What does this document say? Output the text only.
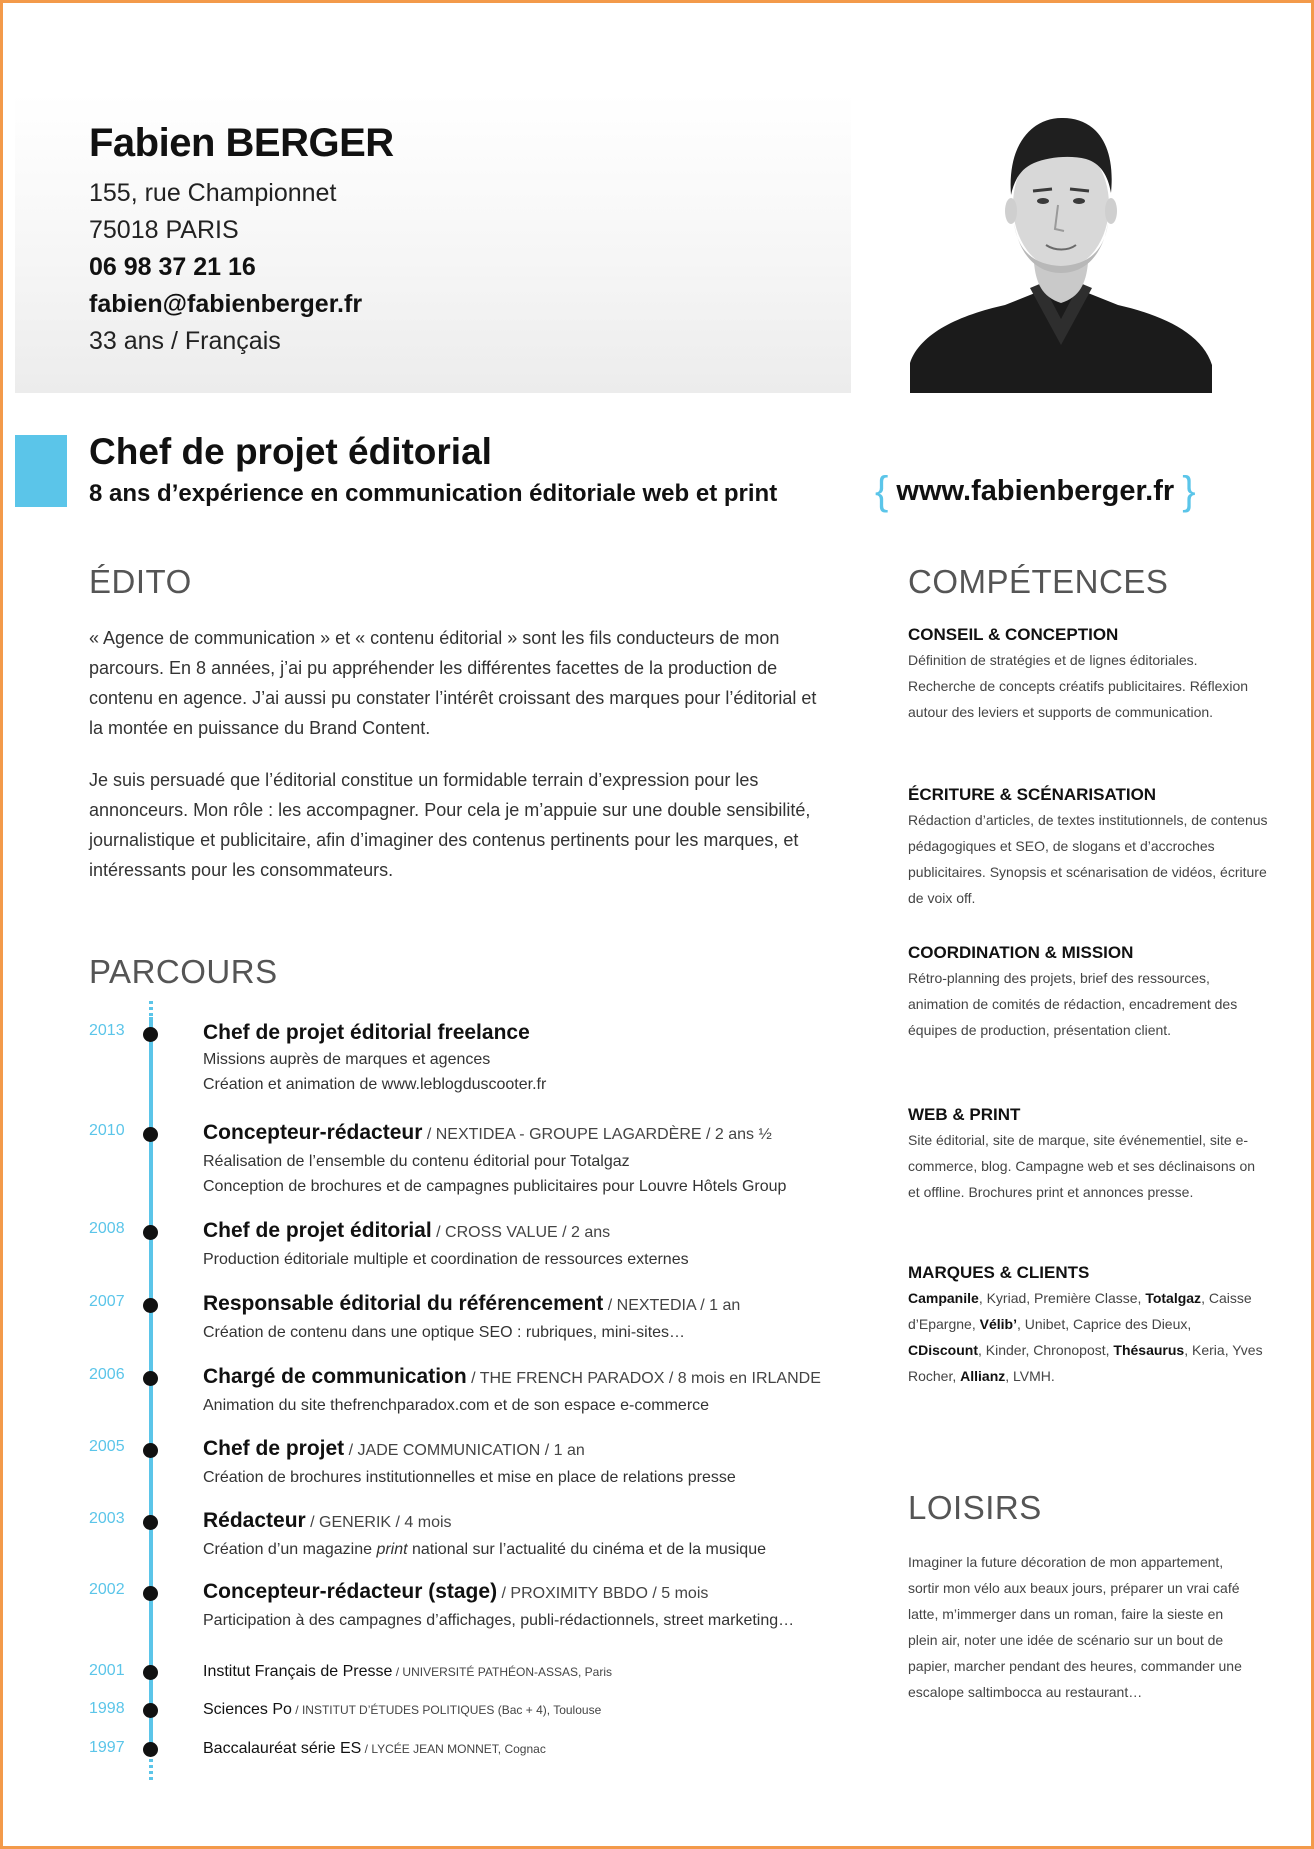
Fabien BERGER
155, rue Championnet
75018 PARIS
06 98 37 21 16
fabien@fabienberger.fr
33 ans / Français
Chef de projet éditorial
8 ans d’expérience en communication éditoriale web et print { www.fabienberger.fr }
ÉDITO

« Agence de communication » et « contenu éditorial » sont les fils conducteurs de mon parcours. En 8 années, j’ai pu appréhender les différentes facettes de la production de contenu en agence. J’ai aussi pu constater l’intérêt croissant des marques pour l’éditorial et la montée en puissance du Brand Content.

Je suis persuadé que l’éditorial constitue un formidable terrain d’expression pour les annonceurs. Mon rôle : les accompagner. Pour cela je m’appuie sur une double sensibilité, journalistique et publicitaire, afin d’imaginer des contenus pertinents pour les marques, et intéressants pour les consommateurs.

PARCOURS
2013	Chef de projet éditorial freelance
Missions auprès de marques et agences
Création et animation de www.leblogduscooter.fr
2010	Concepteur-rédacteur / NEXTIDEA - GROUPE LAGARDÈRE / 2 ans ½
Réalisation de l’ensemble du contenu éditorial pour Totalgaz
Conception de brochures et de campagnes publicitaires pour Louvre Hôtels Group
2008	Chef de projet éditorial / CROSS VALUE / 2 ans
Production éditoriale multiple et coordination de ressources externes
2007	Responsable éditorial du référencement / NEXTEDIA / 1 an
Création de contenu dans une optique SEO : rubriques, mini-sites…
2006	Chargé de communication / THE FRENCH PARADOX / 8 mois en IRLANDE
Animation du site thefrenchparadox.com et de son espace e-commerce
2005	Chef de projet / JADE COMMUNICATION / 1 an
Création de brochures institutionnelles et mise en place de relations presse
2003	Rédacteur / GENERIK / 4 mois
Création d’un magazine print national sur l’actualité du cinéma et de la musique
2002	Concepteur-rédacteur (stage) / PROXIMITY BBDO / 5 mois
Participation à des campagnes d’affichages, publi-rédactionnels, street marketing…
2001	Institut Français de Presse / UNIVERSITÉ PATHÉON-ASSAS, Paris
1998	Sciences Po / INSTITUT D’ÉTUDES POLITIQUES (Bac + 4), Toulouse
1997	Baccalauréat série ES / LYCÉE JEAN MONNET, Cognac
COMPÉTENCES
CONSEIL & CONCEPTION
Définition de stratégies et de lignes éditoriales. Recherche de concepts créatifs publicitaires. Réflexion autour des leviers et supports de communication.
ÉCRITURE & SCÉNARISATION
Rédaction d’articles, de textes institutionnels, de contenus pédagogiques et SEO, de slogans et d’accroches publicitaires. Synopsis et scénarisation de vidéos, écriture de voix off.
COORDINATION & MISSION
Rétro-planning des projets, brief des ressources, animation de comités de rédaction, encadrement des équipes de production, présentation client.
WEB & PRINT
Site éditorial, site de marque, site événementiel, site e-commerce, blog. Campagne web et ses déclinaisons on et offline. Brochures print et annonces presse.
MARQUES & CLIENTS
Campanile, Kyriad, Première Classe, Totalgaz, Caisse d’Epargne, Vélib’, Unibet, Caprice des Dieux, CDiscount, Kinder, Chronopost, Thésaurus, Keria, Yves Rocher, Allianz, LVMH.
LOISIRS
Imaginer la future décoration de mon appartement, sortir mon vélo aux beaux jours, préparer un vrai café latte, m’immerger dans un roman, faire la sieste en plein air, noter une idée de scénario sur un bout de papier, marcher pendant des heures, commander une escalope saltimbocca au restaurant…
